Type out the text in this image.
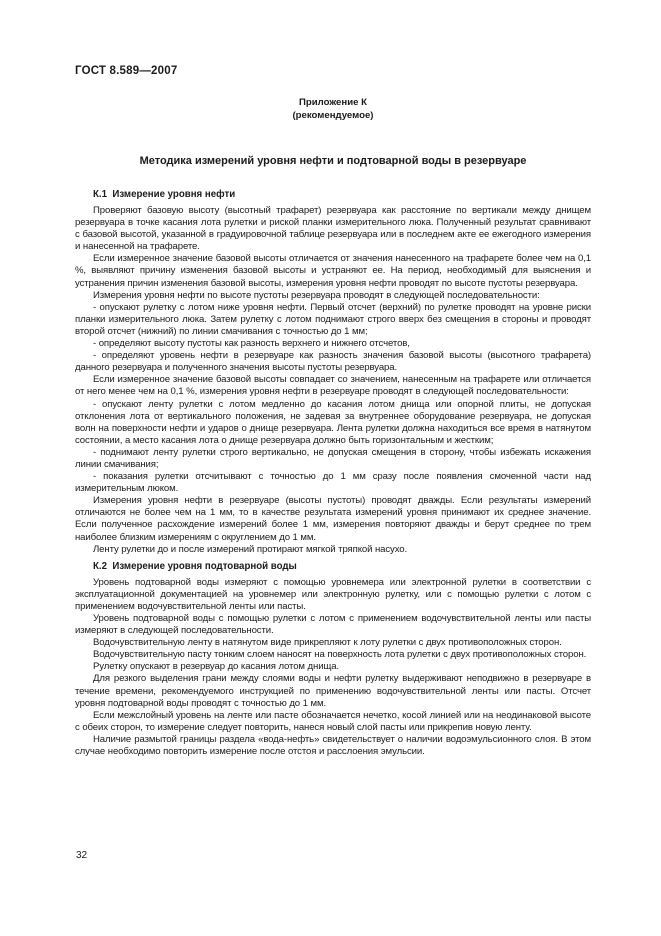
ГОСТ 8.589—2007
Приложение К
(рекомендуемое)
Методика измерений уровня нефти и подтоварной воды в резервуаре
К.1  Измерение уровня нефти

Проверяют базовую высоту (высотный трафарет) резервуара как расстояние по вертикали между днищем резервуара в точке касания лота рулетки и риской планки измерительного люка. Полученный результат сравнивают с базовой высотой, указанной в градуировочной таблице резервуара или в последнем акте ее ежегодного измерения и нанесенной на трафарете.

Если измеренное значение базовой высоты отличается от значения нанесенного на трафарете более чем на 0,1 %, выявляют причину изменения базовой высоты и устраняют ее. На период, необходимый для выяснения и устранения причин изменения базовой высоты, измерения уровня нефти проводят по высоте пустоты резервуара.

Измерения уровня нефти по высоте пустоты резервуара проводят в следующей последовательности:

- опускают рулетку с лотом ниже уровня нефти. Первый отсчет (верхний) по рулетке проводят на уровне риски планки измерительного люка. Затем рулетку с лотом поднимают строго вверх без смещения в стороны и проводят второй отсчет (нижний) по линии смачивания с точностью до 1 мм;

- определяют высоту пустоты как разность верхнего и нижнего отсчетов,

- определяют уровень нефти в резервуаре как разность значения базовой высоты (высотного трафарета) данного резервуара и полученного значения высоты пустоты резервуара.

Если измеренное значение базовой высоты совпадает со значением, нанесенным на трафарете или отличается от него менее чем на 0,1 %, измерения уровня нефти в резервуаре проводят в следующей последовательности:

- опускают ленту рулетки с лотом медленно до касания лотом днища или опорной плиты, не допуская отклонения лота от вертикального положения, не задевая за внутреннее оборудование резервуара, не допуская волн на поверхности нефти и ударов о днище резервуара. Лента рулетки должна находиться все время в натянутом состоянии, а место касания лота о днище резервуара должно быть горизонтальным и жестким;

- поднимают ленту рулетки строго вертикально, не допуская смещения в сторону, чтобы избежать искажения линии смачивания;

- показания рулетки отсчитывают с точностью до 1 мм сразу после появления смоченной части над измерительным люком.

Измерения уровня нефти в резервуаре (высоты пустоты) проводят дважды. Если результаты измерений отличаются не более чем на 1 мм, то в качестве результата измерений уровня принимают их среднее значение. Если полученное расхождение измерений более 1 мм, измерения повторяют дважды и берут среднее по трем наиболее близким измерениям с округлением до 1 мм.

Ленту рулетки до и после измерений протирают мягкой тряпкой насухо.

К.2  Измерение уровня подтоварной воды

Уровень подтоварной воды измеряют с помощью уровнемера или электронной рулетки в соответствии с эксплуатационной документацией на уровнемер или электронную рулетку, или с помощью рулетки с лотом с применением водочувствительной ленты или пасты.

Уровень подтоварной воды с помощью рулетки с лотом с применением водочувствительной ленты или пасты измеряют в следующей последовательности.

Водочувствительную ленту в натянутом виде прикрепляют к лоту рулетки с двух противоположных сторон.

Водочувствительную пасту тонким слоем наносят на поверхность лота рулетки с двух противоположных сторон.

Рулетку опускают в резервуар до касания лотом днища.

Для резкого выделения грани между слоями воды и нефти рулетку выдерживают неподвижно в резервуаре в течение времени, рекомендуемого инструкцией по применению водочувствительной ленты или пасты. Отсчет уровня подтоварной воды проводят с точностью до 1 мм.

Если межслойный уровень на ленте или пасте обозначается нечетко, косой линией или на неодинаковой высоте с обеих сторон, то измерение следует повторить, нанеся новый слой пасты или прикрепив новую ленту.

Наличие размытой границы раздела «вода-нефть» свидетельствует о наличии водоэмульсионного слоя. В этом случае необходимо повторить измерение после отстоя и расслоения эмульсии.

32
